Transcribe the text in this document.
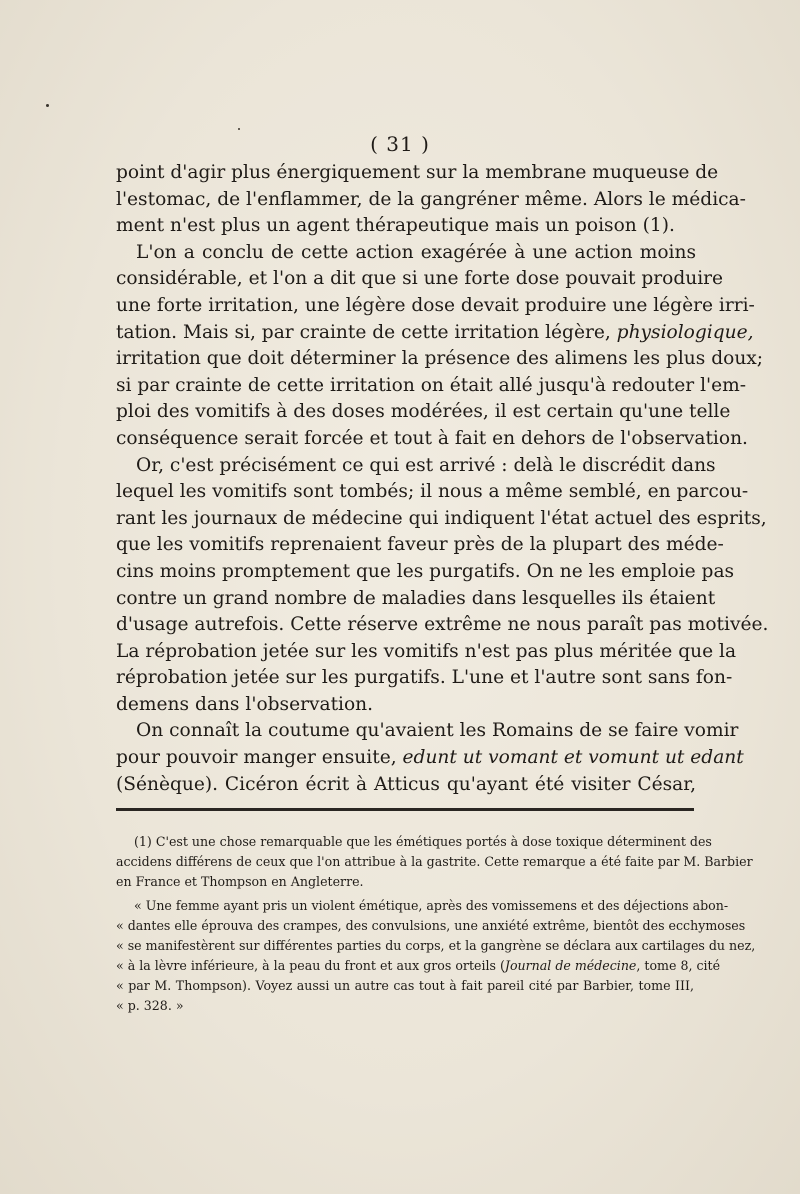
( 31 )
point d'agir plus énergiquement sur la membrane muqueuse de
l'estomac, de l'enflammer, de la gangréner même. Alors le médica-
ment n'est plus un agent thérapeutique mais un poison (1).
L'on a conclu de cette action exagérée à une action moins
considérable, et l'on a dit que si une forte dose pouvait produire
une forte irritation, une légère dose devait produire une légère irri-
tation. Mais si, par crainte de cette irritation légère, physiologique,
irritation que doit déterminer la présence des alimens les plus doux;
si par crainte de cette irritation on était allé jusqu'à redouter l'em-
ploi des vomitifs à des doses modérées, il est certain qu'une telle
conséquence serait forcée et tout à fait en dehors de l'observation.
Or, c'est précisément ce qui est arrivé : delà le discrédit dans
lequel les vomitifs sont tombés; il nous a même semblé, en parcou-
rant les journaux de médecine qui indiquent l'état actuel des esprits,
que les vomitifs reprenaient faveur près de la plupart des méde-
cins moins promptement que les purgatifs. On ne les emploie pas
contre un grand nombre de maladies dans lesquelles ils étaient
d'usage autrefois. Cette réserve extrême ne nous paraît pas motivée.
La réprobation jetée sur les vomitifs n'est pas plus méritée que la
réprobation jetée sur les purgatifs. L'une et l'autre sont sans fon-
demens dans l'observation.
On connaît la coutume qu'avaient les Romains de se faire vomir
pour pouvoir manger ensuite, edunt ut vomant et vomunt ut edant
(Sénèque). Cicéron écrit à Atticus qu'ayant été visiter César,
(1) C'est une chose remarquable que les émétiques portés à dose toxique déterminent des
accidens différens de ceux que l'on attribue à la gastrite. Cette remarque a été faite par M. Barbier
en France et Thompson en Angleterre.
« Une femme ayant pris un violent émétique, après des vomissemens et des déjections abon-
« dantes elle éprouva des crampes, des convulsions, une anxiété extrême, bientôt des ecchymoses
« se manifestèrent sur différentes parties du corps, et la gangrène se déclara aux cartilages du nez,
« à la lèvre inférieure, à la peau du front et aux gros orteils (Journal de médecine, tome 8, cité
« par M. Thompson). Voyez aussi un autre cas tout à fait pareil cité par Barbier, tome III,
« p. 328. »
